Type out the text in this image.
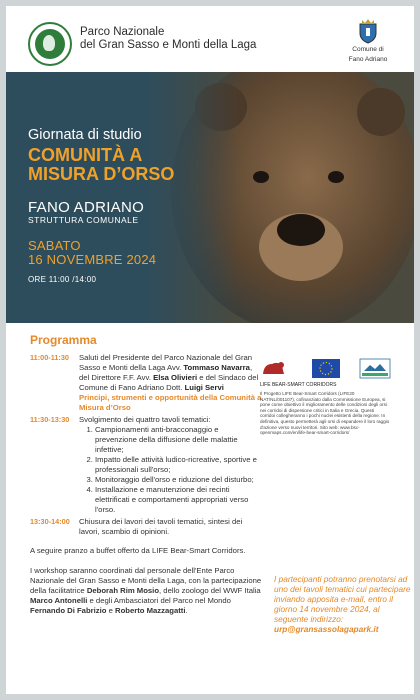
Parco Nazionale
del Gran Sasso e Monti della Laga	Comune di
Fano Adriano
Giornata di studio
COMUNITÀ A
MISURA D’ORSO
FANO ADRIANO
STRUTTURA COMUNALE
SABATO
16 NOVEMBRE 2024
ORE 11:00 /14:00
Programma
11:00-11:30	Saluti del Presidente del Parco Nazionale del Gran Sasso e Monti della Laga Avv. Tommaso Navarra, del Direttore F.F. Avv. Elsa Olivieri e del Sindaco del Comune di Fano Adriano Dott. Luigi Servi
Principi, strumenti e opportunità della Comunità a Misura d’Orso
11:30-13:30	Svolgimento dei quattro tavoli tematici:
1. Campionamenti anti-bracconaggio e prevenzione della diffusione delle malattie infettive;
2. Impatto delle attività ludico-ricreative, sportive e professionali sull'orso;
3. Monitoraggio dell'orso e riduzione del disturbo;
4. Installazione e manutenzione dei recinti elettrificati e comportamenti appropriati verso l'orso.
13:30-14:00	Chiusura dei lavori dei tavoli tematici, sintesi dei lavori, scambio di opinioni.
A seguire pranzo a buffet offerto da LIFE Bear-Smart Corridors.
I workshop saranno coordinati dal personale dell'Ente Parco Nazionale del Gran Sasso e Monti della Laga, con la partecipazione della facilitatrice Deborah Rim Mosio, dello zoologo del WWF Italia Marco Antonelli e degli Ambasciatori del Parco nel Mondo Fernando Di Fabrizio e Roberto Mazzagatti.
LIFE BEAR-SMART CORRIDORS
Il Progetto LIFE Bear-Smart Corridors (LIFE20 NAT/NL/001107), cofinanziato dalla Commissione Europea, si pone come obiettivo il miglioramento delle condizioni degli orsi nei corridoi di dispersione critici in Italia e Grecia. Questi corridoi collegheranno i pochi nuclei esistenti della regione. In definitiva, questo permetterà agli orsi di espandere il loro raggio d'azione verso nuovi territori. Sito web: www.bsc-openmaps.com/en/life-bear-smart-corridors/
I partecipanti potranno prenotarsi ad uno dei tavoli tematici cui partecipare inviando apposita e-mail, entro il giorno 14 novembre 2024, al seguente indirizzo:
urp@gransassolagapark.it
